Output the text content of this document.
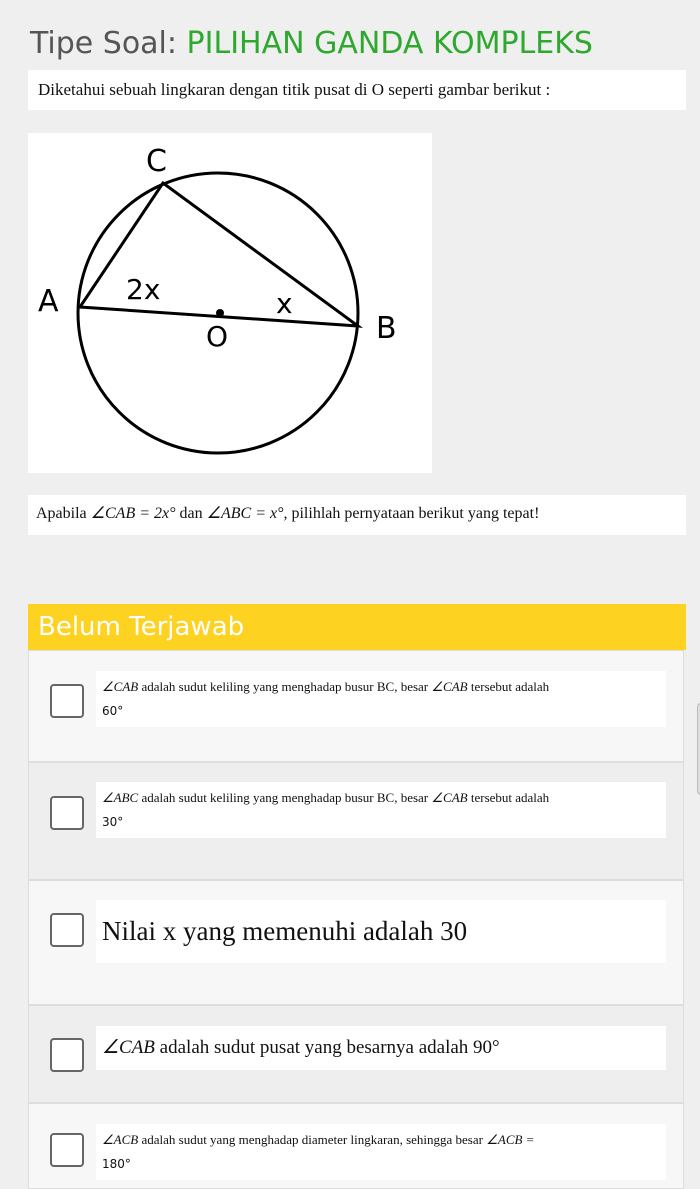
Tipe Soal: PILIHAN GANDA KOMPLEKS
Diketahui sebuah lingkaran dengan titik pusat di O seperti gambar berikut :
C
A
B
O
2x	x
Apabila ∠CAB = 2x° dan ∠ABC = x°, pilihlah pernyataan berikut yang tepat!
Belum Terjawab
∠CAB adalah sudut keliling yang menghadap busur BC, besar ∠CAB tersebut adalah
60°
∠ABC adalah sudut keliling yang menghadap busur BC, besar ∠CAB tersebut adalah
30°
Nilai x yang memenuhi adalah 30
∠CAB adalah sudut pusat yang besarnya adalah 90°
∠ACB adalah sudut yang menghadap diameter lingkaran, sehingga besar ∠ACB =
180°
